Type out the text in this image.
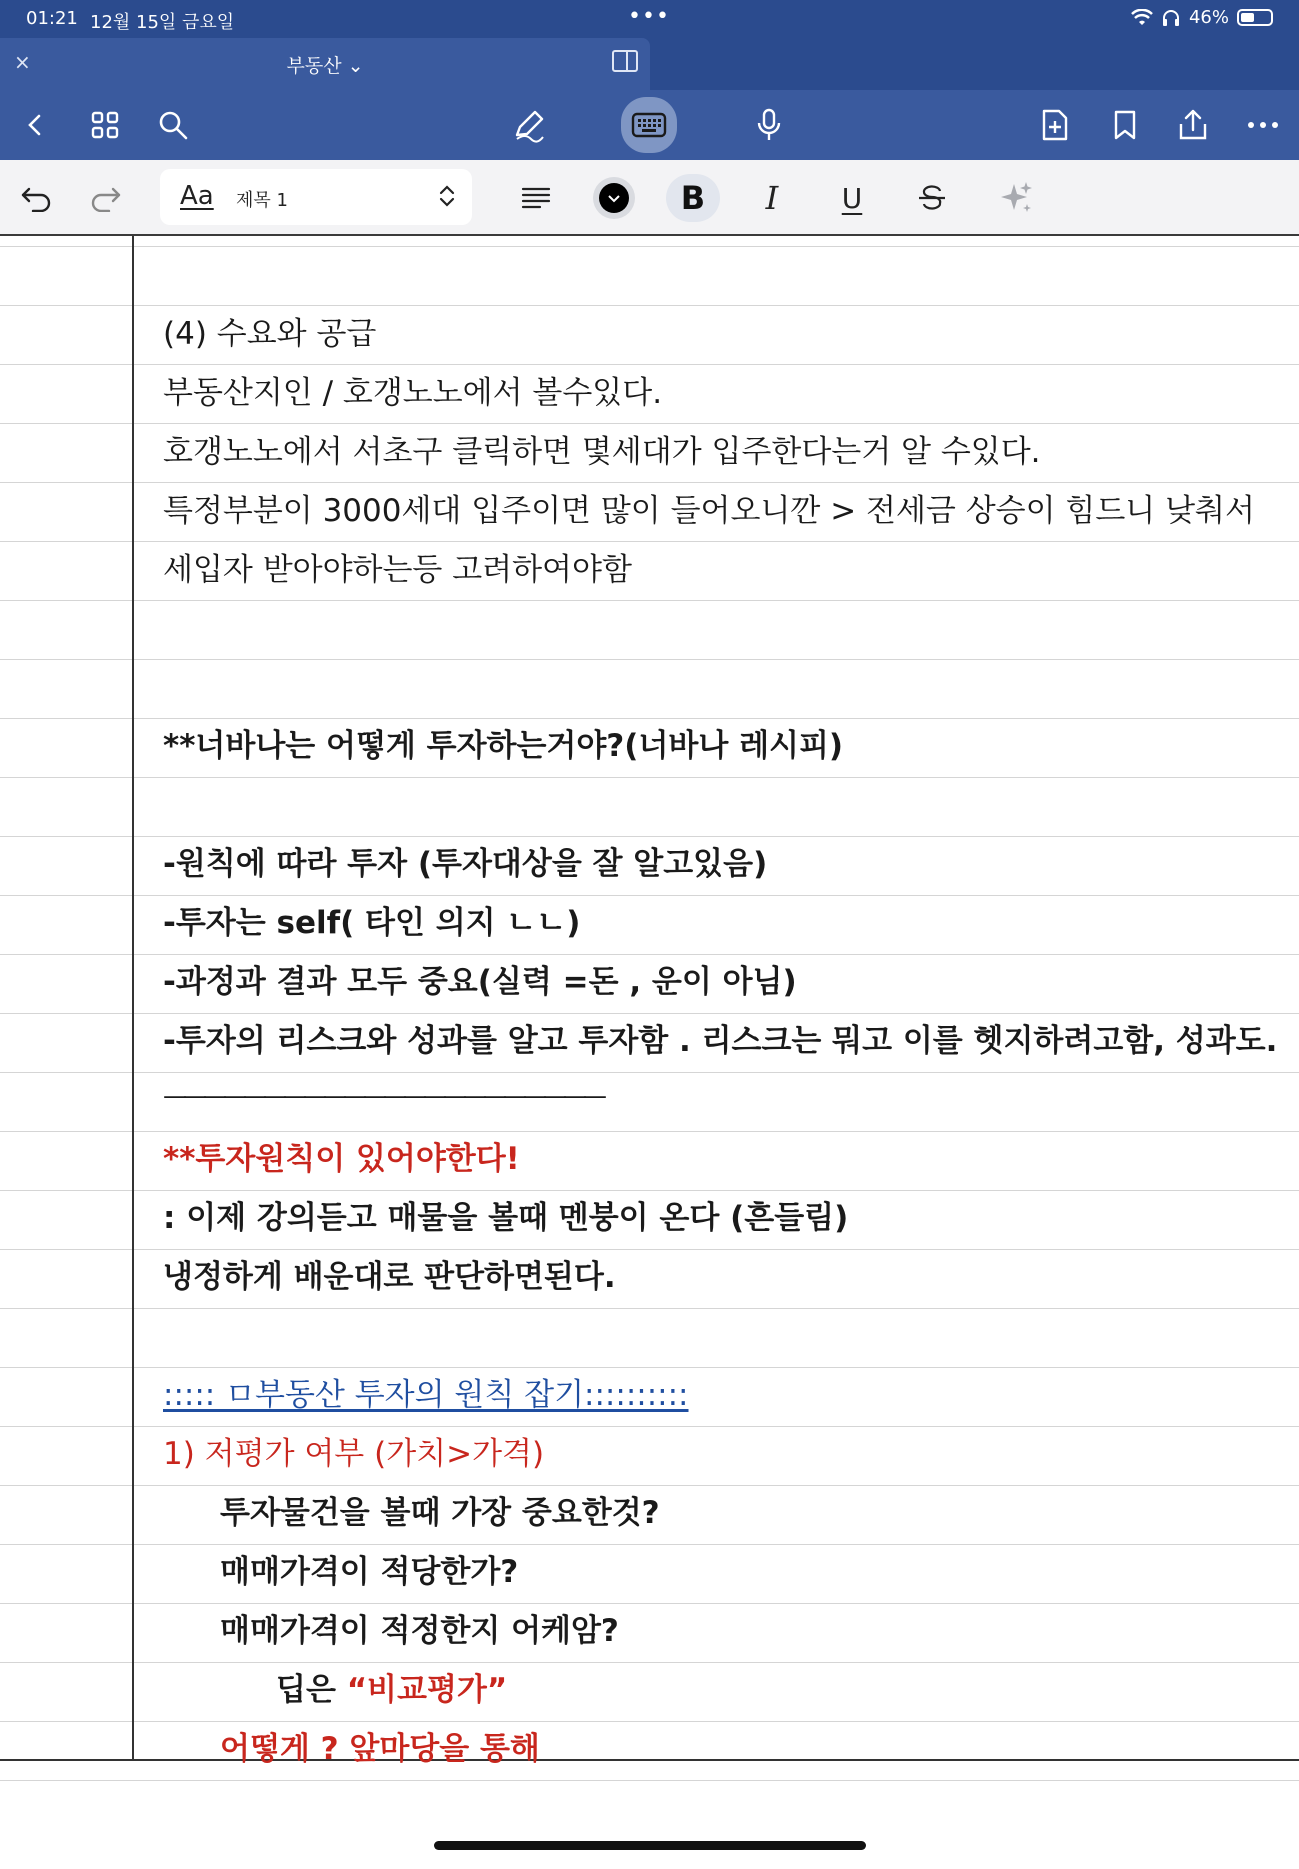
01:21 12월 15일 금요일	•••	46%
×	부동산 ⌄
Aa 제목 1	B I U
(4) 수요와 공급
부동산지인 / 호갱노노에서 볼수있다.
호갱노노에서 서초구 클릭하면 몇세대가 입주한다는거 알 수있다.
특정부분이 3000세대 입주이면 많이 들어오니깐 > 전세금 상승이 힘드니 낮춰서
세입자 받아야하는등 고려하여야함
**너바나는 어떻게 투자하는거야?(너바나 레시피)
-원칙에 따라 투자 (투자대상을 잘 알고있음)
-투자는 self( 타인 의지 ㄴㄴ)
-과정과 결과 모두 중요(실력 =돈 , 운이 아님)
-투자의 리스크와 성과를 알고 투자함 . 리스크는 뭐고 이를 헷지하려고함, 성과도.
——————————————————————
**투자원칙이 있어야한다!
: 이제 강의듣고 매물을 볼때 멘붕이 온다 (흔들림)
냉정하게 배운대로 판단하면된다.
::::: ㅁ부동산 투자의 원칙 잡기::::::::::
1) 저평가 여부 (가치>가격)
투자물건을 볼때 가장 중요한것?
매매가격이 적당한가?
매매가격이 적정한지 어케암?
딥은 “비교평가”
어떻게 ? 앞마당을 통해
